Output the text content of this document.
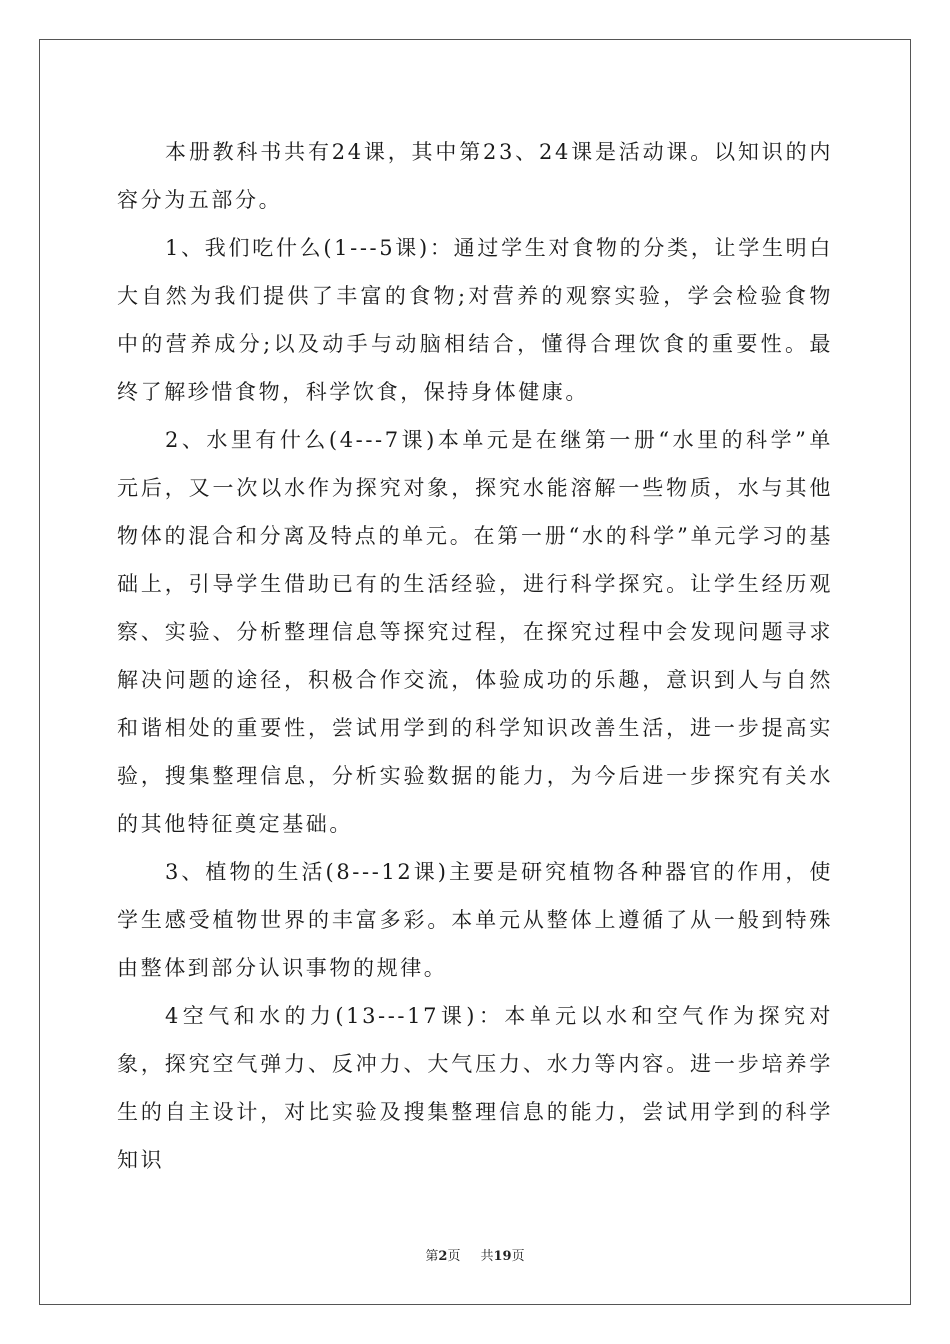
本册教科书共有24课，其中第23、24课是活动课。以知识的内容分为五部分。

1、我们吃什么(1---5课)：通过学生对食物的分类，让学生明白大自然为我们提供了丰富的食物;对营养的观察实验，学会检验食物中的营养成分;以及动手与动脑相结合，懂得合理饮食的重要性。最终了解珍惜食物，科学饮食，保持身体健康。

2、水里有什么(4---7课)本单元是在继第一册“水里的科学”单元后，又一次以水作为探究对象，探究水能溶解一些物质，水与其他物体的混合和分离及特点的单元。在第一册“水的科学”单元学习的基础上，引导学生借助已有的生活经验，进行科学探究。让学生经历观察、实验、分析整理信息等探究过程，在探究过程中会发现问题寻求解决问题的途径，积极合作交流，体验成功的乐趣，意识到人与自然和谐相处的重要性，尝试用学到的科学知识改善生活，进一步提高实验，搜集整理信息，分析实验数据的能力，为今后进一步探究有关水的其他特征奠定基础。

3、植物的生活(8---12课)主要是研究植物各种器官的作用，使学生感受植物世界的丰富多彩。本单元从整体上遵循了从一般到特殊由整体到部分认识事物的规律。

4空气和水的力(13---17课)：本单元以水和空气作为探究对象，探究空气弹力、反冲力、大气压力、水力等内容。进一步培养学生的自主设计，对比实验及搜集整理信息的能力，尝试用学到的科学知识

第2页 共19页
